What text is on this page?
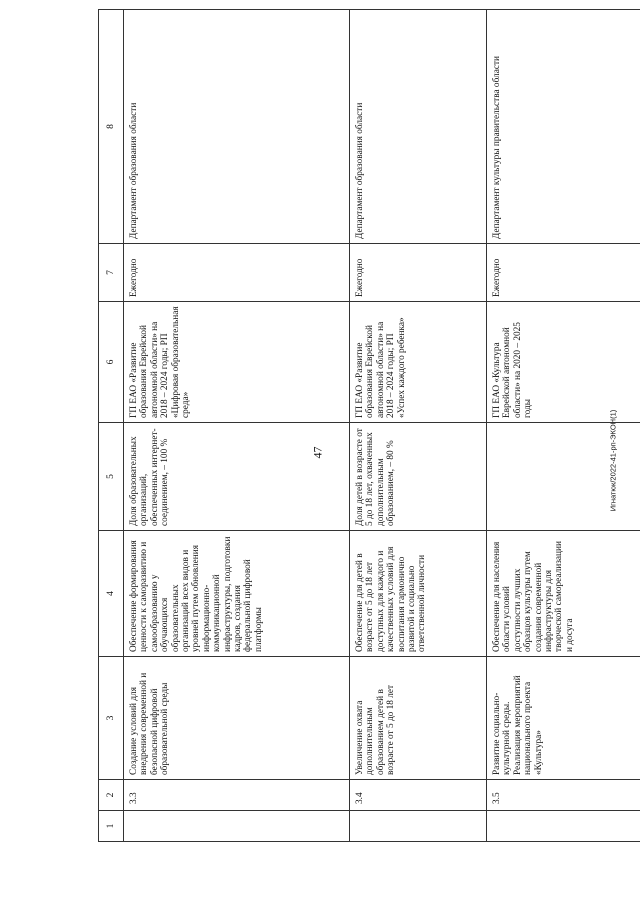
47	Игнатюк/2022-41-рп-ЭКОН(1)
1	2	3	4	5	6	7	8
	3.3	Создание условий для внедрения современной и безопасной цифровой образовательной среды	Обеспечение формирования ценности к саморазвитию и самообразованию у обучающихся образовательных организаций всех видов и уровней путем обновления информационно-коммуникационной инфраструктуры, подготовки кадров, создания федеральной цифровой платформы	Доля образовательных организаций, обеспеченных интернет-соединением, – 100 %	ГП ЕАО «Развитие образования Еврейской автономной области» на 2018 – 2024 годы; РП «Цифровая образовательная среда»	Ежегодно	Департамент образования области
	3.4	Увеличение охвата дополнительным образованием детей в возрасте от 5 до 18 лет	Обеспечение для детей в возрасте от 5 до 18 лет доступных для каждого и качественных условий для воспитания гармонично развитой и социально ответственной личности	Доля детей в возрасте от 5 до 18 лет, охваченных дополнительным образованием, – 80 %	ГП ЕАО «Развитие образования Еврейской автономной области» на 2018 – 2024 годы; РП «Успех каждого ребенка»	Ежегодно	Департамент образования области
	3.5	Развитие социально-культурной среды. Реализация мероприятий национального проекта «Культура»	Обеспечение для населения области условий доступности лучших образцов культуры путем создания современной инфраструктуры для творческой самореализации и досуга		ГП ЕАО «Культура Еврейской автономной области» на 2020 – 2025 годы	Ежегодно	Департамент культуры правительства области
